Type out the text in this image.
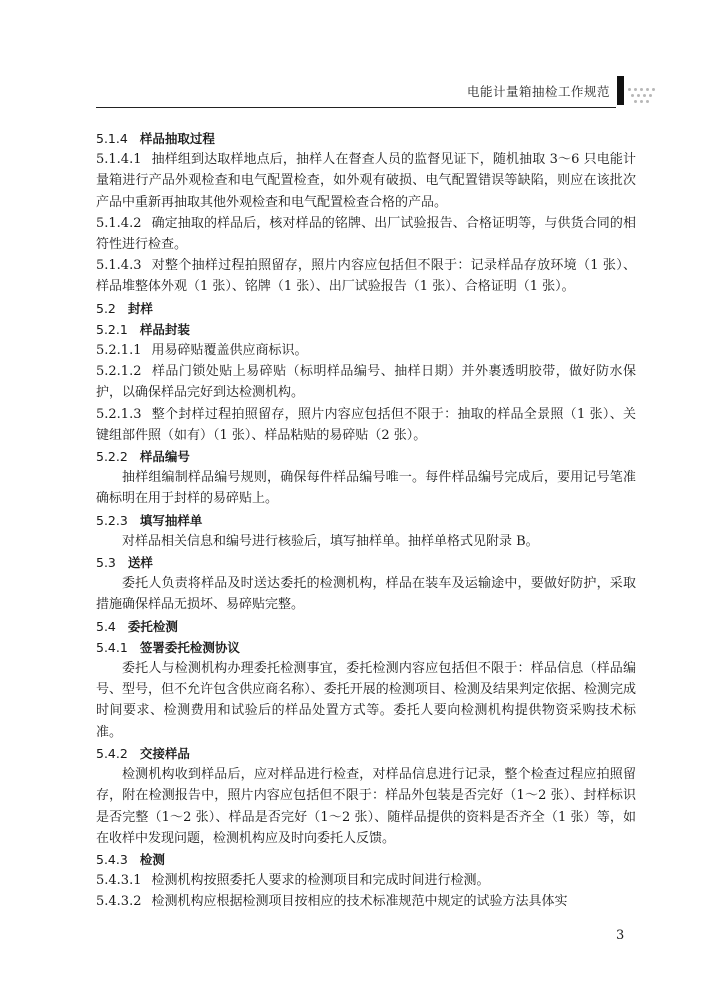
电能计量箱抽检工作规范

5.1.4 样品抽取过程

5.1.4.1 抽样组到达取样地点后，抽样人在督查人员的监督见证下，随机抽取 3～6 只电能计量箱进行产品外观检查和电气配置检查，如外观有破损、电气配置错误等缺陷，则应在该批次产品中重新再抽取其他外观检查和电气配置检查合格的产品。

5.1.4.2 确定抽取的样品后，核对样品的铭牌、出厂试验报告、合格证明等，与供货合同的相符性进行检查。

5.1.4.3 对整个抽样过程拍照留存，照片内容应包括但不限于：记录样品存放环境（1 张）、样品堆整体外观（1 张）、铭牌（1 张）、出厂试验报告（1 张）、合格证明（1 张）。

5.2 封样

5.2.1 样品封装

5.2.1.1 用易碎贴覆盖供应商标识。

5.2.1.2 样品门锁处贴上易碎贴（标明样品编号、抽样日期）并外裹透明胶带，做好防水保护，以确保样品完好到达检测机构。

5.2.1.3 整个封样过程拍照留存，照片内容应包括但不限于：抽取的样品全景照（1 张）、关键组部件照（如有）（1 张）、样品粘贴的易碎贴（2 张）。

5.2.2 样品编号

抽样组编制样品编号规则，确保每件样品编号唯一。每件样品编号完成后，要用记号笔准确标明在用于封样的易碎贴上。

5.2.3 填写抽样单

对样品相关信息和编号进行核验后，填写抽样单。抽样单格式见附录 B。

5.3 送样

委托人负责将样品及时送达委托的检测机构，样品在装车及运输途中，要做好防护，采取措施确保样品无损坏、易碎贴完整。

5.4 委托检测

5.4.1 签署委托检测协议

委托人与检测机构办理委托检测事宜，委托检测内容应包括但不限于：样品信息（样品编号、型号，但不允许包含供应商名称）、委托开展的检测项目、检测及结果判定依据、检测完成时间要求、检测费用和试验后的样品处置方式等。委托人要向检测机构提供物资采购技术标准。

5.4.2 交接样品

检测机构收到样品后，应对样品进行检查，对样品信息进行记录，整个检查过程应拍照留存，附在检测报告中，照片内容应包括但不限于：样品外包装是否完好（1～2 张）、封样标识是否完整（1～2 张）、样品是否完好（1～2 张）、随样品提供的资料是否齐全（1 张）等，如在收样中发现问题，检测机构应及时向委托人反馈。

5.4.3 检测

5.4.3.1 检测机构按照委托人要求的检测项目和完成时间进行检测。

5.4.3.2 检测机构应根据检测项目按相应的技术标准规范中规定的试验方法具体实

3
